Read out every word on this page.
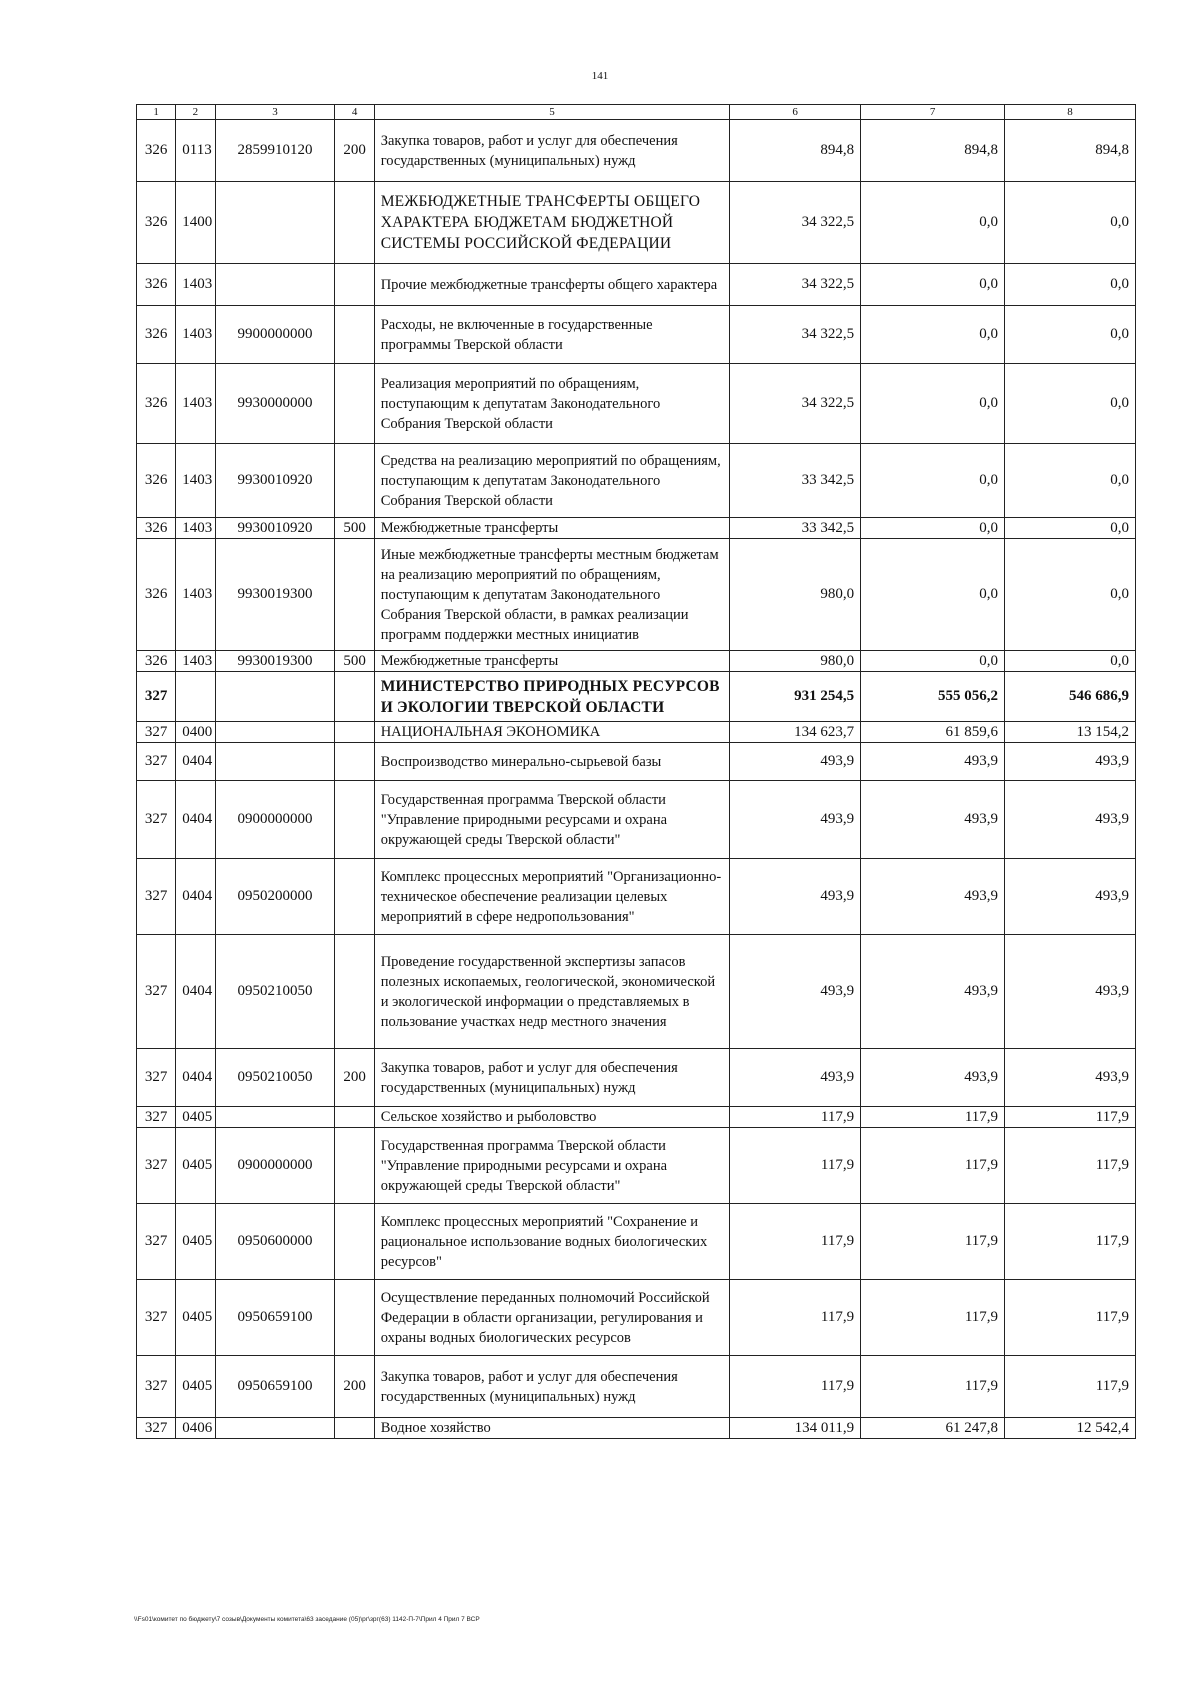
141
1	2	3	4	5	6	7	8
326	0113	2859910120	200	Закупка товаров, работ и услуг для обеспечения государственных (муниципальных) нужд	894,8	894,8	894,8
326	1400			МЕЖБЮДЖЕТНЫЕ ТРАНСФЕРТЫ ОБЩЕГО ХАРАКТЕРА БЮДЖЕТАМ БЮДЖЕТНОЙ СИСТЕМЫ РОССИЙСКОЙ ФЕДЕРАЦИИ	34 322,5	0,0	0,0
326	1403			Прочие межбюджетные трансферты общего характера	34 322,5	0,0	0,0
326	1403	9900000000		Расходы, не включенные в государственные программы Тверской области	34 322,5	0,0	0,0
326	1403	9930000000		Реализация мероприятий по обращениям, поступающим к депутатам Законодательного Собрания Тверской области	34 322,5	0,0	0,0
326	1403	9930010920		Средства на реализацию мероприятий по обращениям, поступающим к депутатам Законодательного Собрания Тверской области	33 342,5	0,0	0,0
326	1403	9930010920	500	Межбюджетные трансферты	33 342,5	0,0	0,0
326	1403	9930019300		Иные межбюджетные трансферты местным бюджетам на реализацию мероприятий по обращениям, поступающим к депутатам Законодательного Собрания Тверской области, в рамках реализации программ поддержки местных инициатив	980,0	0,0	0,0
326	1403	9930019300	500	Межбюджетные трансферты	980,0	0,0	0,0
327				МИНИСТЕРСТВО ПРИРОДНЫХ РЕСУРСОВ И ЭКОЛОГИИ ТВЕРСКОЙ ОБЛАСТИ	931 254,5	555 056,2	546 686,9
327	0400			НАЦИОНАЛЬНАЯ ЭКОНОМИКА	134 623,7	61 859,6	13 154,2
327	0404			Воспроизводство минерально-сырьевой базы	493,9	493,9	493,9
327	0404	0900000000		Государственная программа Тверской области "Управление природными ресурсами и охрана окружающей среды Тверской области"	493,9	493,9	493,9
327	0404	0950200000		Комплекс процессных мероприятий "Организационно-техническое обеспечение реализации целевых мероприятий в сфере недропользования"	493,9	493,9	493,9
327	0404	0950210050		Проведение государственной экспертизы запасов полезных ископаемых, геологической, экономической и экологической информации о представляемых в пользование участках недр местного значения	493,9	493,9	493,9
327	0404	0950210050	200	Закупка товаров, работ и услуг для обеспечения государственных (муниципальных) нужд	493,9	493,9	493,9
327	0405			Сельское хозяйство и рыболовство	117,9	117,9	117,9
327	0405	0900000000		Государственная программа Тверской области "Управление природными ресурсами и охрана окружающей среды Тверской области"	117,9	117,9	117,9
327	0405	0950600000		Комплекс процессных мероприятий "Сохранение и рациональное использование водных биологических ресурсов"	117,9	117,9	117,9
327	0405	0950659100		Осуществление переданных полномочий Российской Федерации в области организации, регулирования и охраны водных биологических ресурсов	117,9	117,9	117,9
327	0405	0950659100	200	Закупка товаров, работ и услуг для обеспечения государственных (муниципальных) нужд	117,9	117,9	117,9
327	0406			Водное хозяйство	134 011,9	61 247,8	12 542,4
\\Fs01\комитет по бюджету\7 созыв\Документы комитета\63 заседание (05)\рг\зрг(63) 1142-П-7\Прил 4 Прил 7 ВСР
